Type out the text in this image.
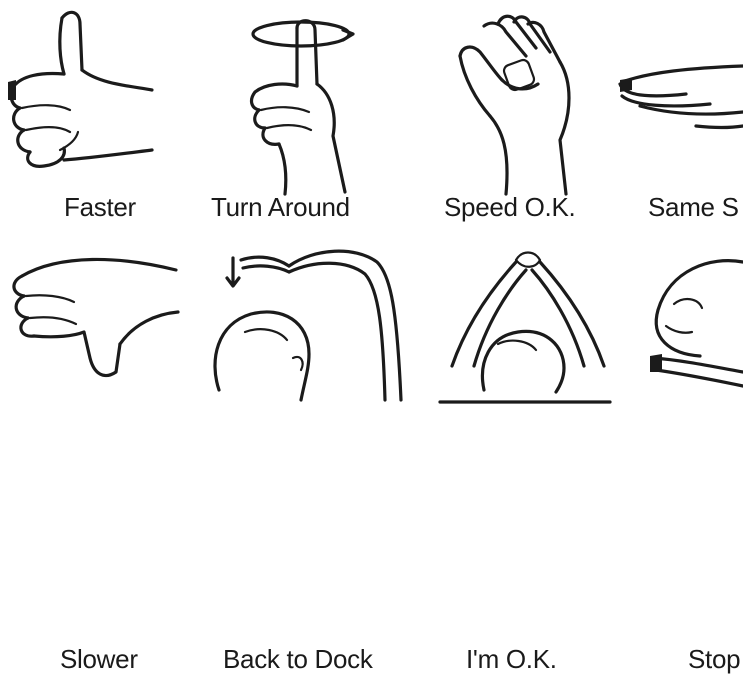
Faster	Turn Around	Speed O.K.	Same S
Slower	Back to Dock	I'm O.K.	Stop
